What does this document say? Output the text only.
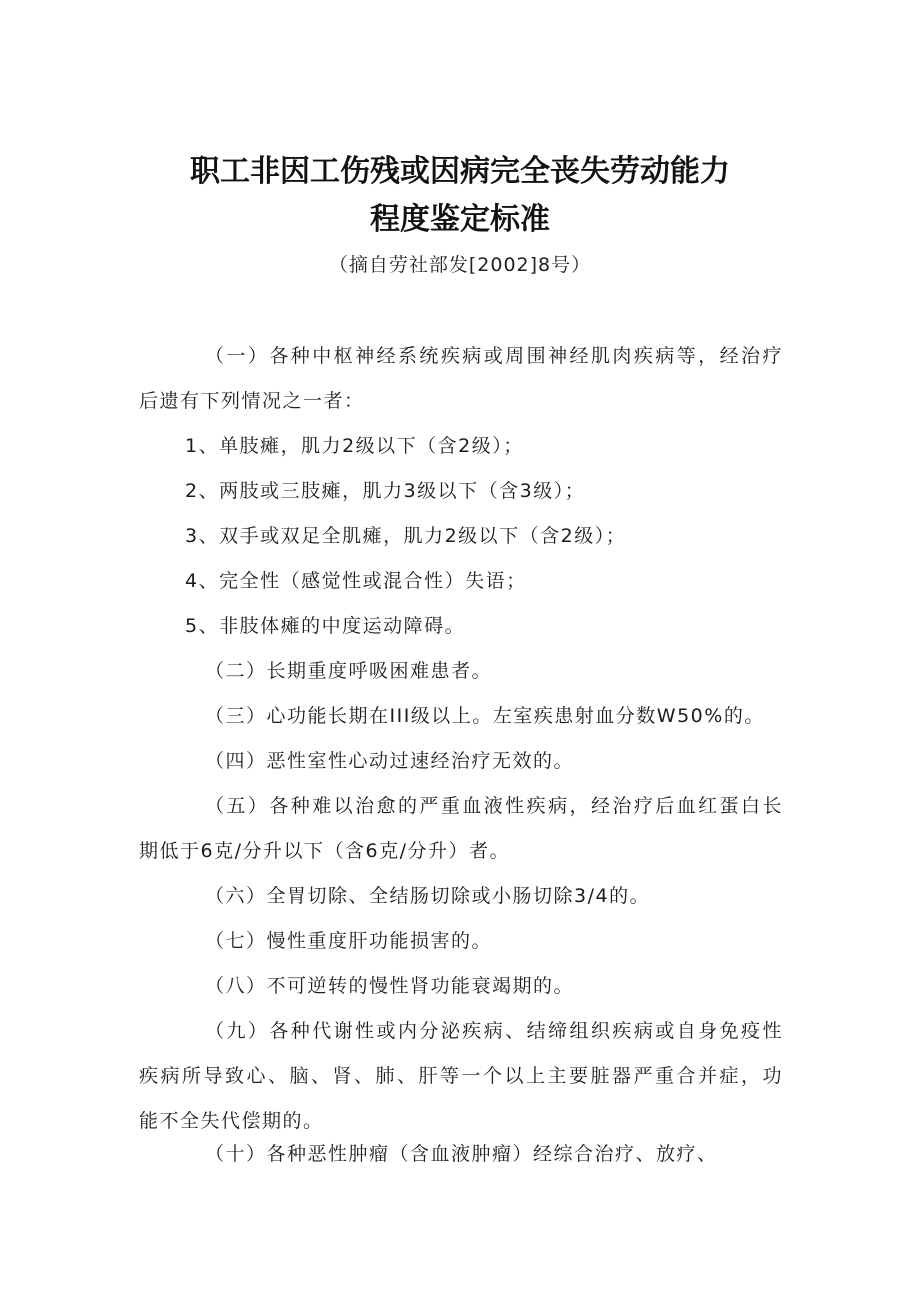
职工非因工伤残或因病完全丧失劳动能力
程度鉴定标准
（摘自劳社部发[2002]8号）
（一）各种中枢神经系统疾病或周围神经肌肉疾病等，经治疗
后遗有下列情况之一者：
1、单肢瘫，肌力2级以下（含2级）；
2、两肢或三肢瘫，肌力3级以下（含3级）；
3、双手或双足全肌瘫，肌力2级以下（含2级）；
4、完全性（感觉性或混合性）失语；
5、非肢体瘫的中度运动障碍。
（二）长期重度呼吸困难患者。
（三）心功能长期在III级以上。左室疾患射血分数W50%的。
（四）恶性室性心动过速经治疗无效的。
（五）各种难以治愈的严重血液性疾病，经治疗后血红蛋白长
期低于6克/分升以下（含6克/分升）者。
（六）全胃切除、全结肠切除或小肠切除3/4的。
（七）慢性重度肝功能损害的。
（八）不可逆转的慢性肾功能衰竭期的。
（九）各种代谢性或内分泌疾病、结缔组织疾病或自身免疫性
疾病所导致心、脑、肾、肺、肝等一个以上主要脏器严重合并症，功
能不全失代偿期的。
（十）各种恶性肿瘤（含血液肿瘤）经综合治疗、放疗、
